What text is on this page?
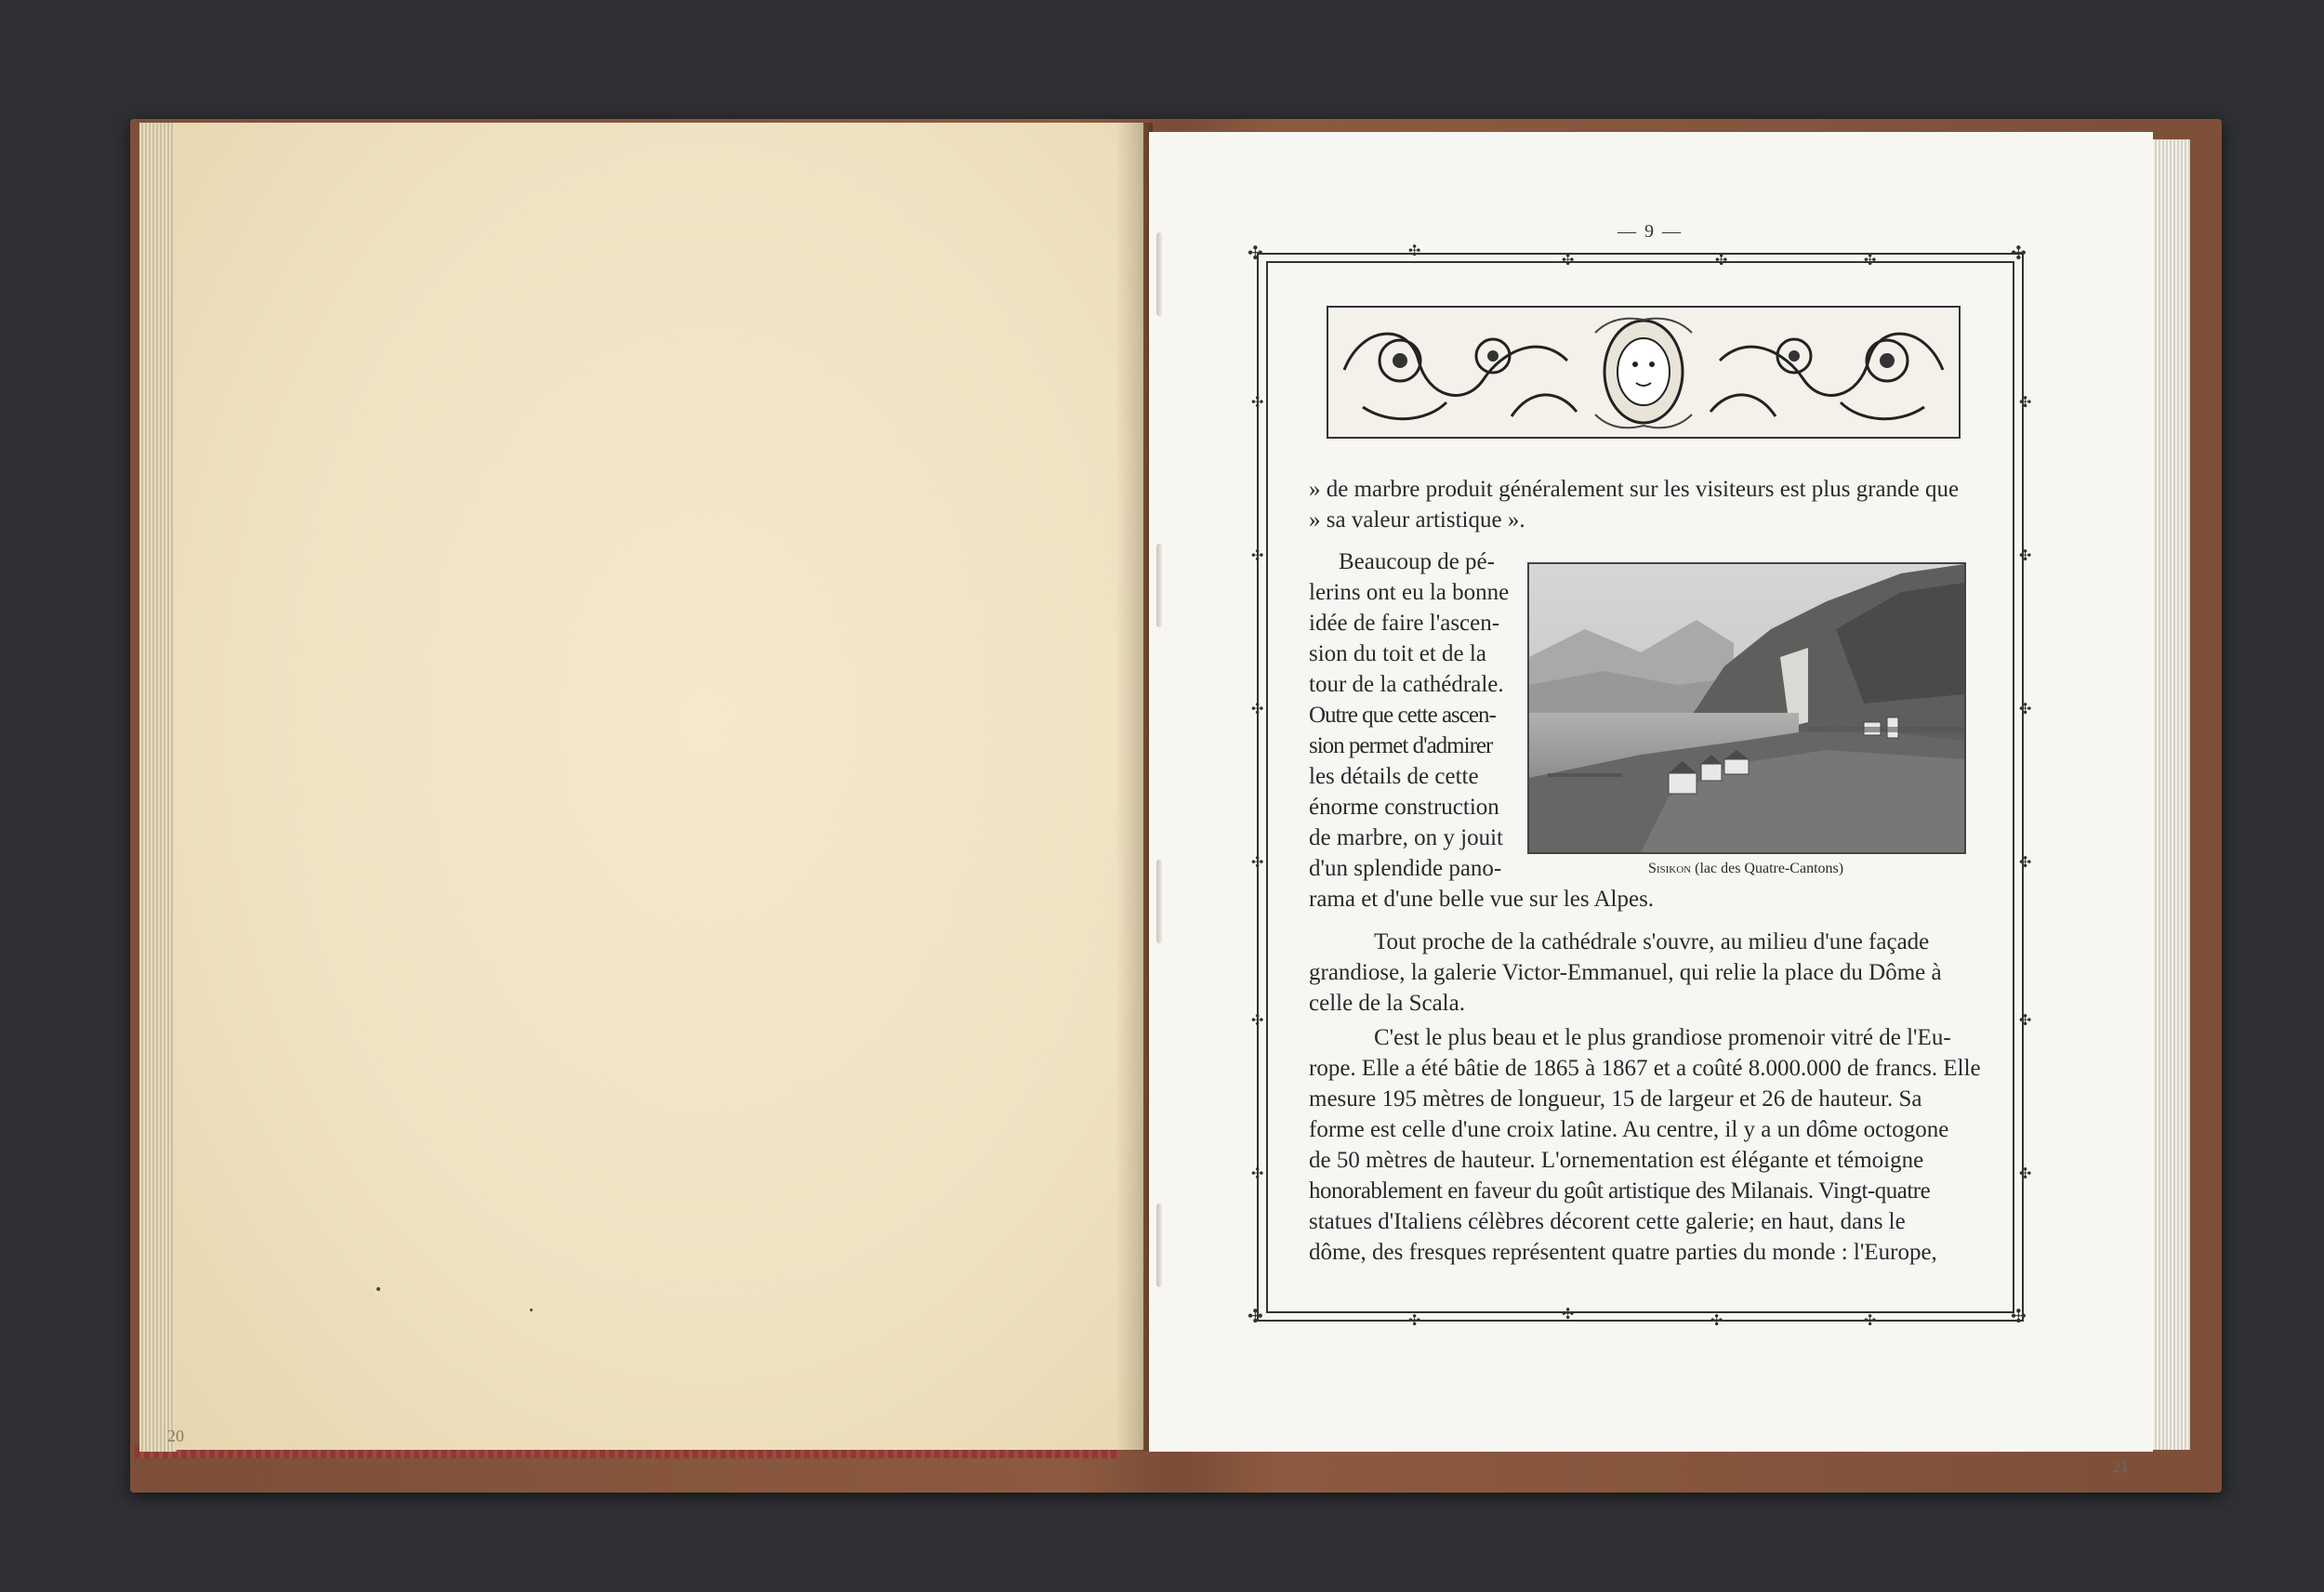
20
21
— 9 —
✣	✣
✣	✣
✣
✣	✣	✣
✣	✣	✣	✣
✣
✣
✣
✣
✣
✣
✣
✣
✣
✣
✣
✣
» de marbre produit généralement sur les visiteurs est plus grande que
» sa valeur artistique ».
Beaucoup de pé-
lerins ont eu la bonne
idée de faire l'ascen-
sion du toit et de la
tour de la cathédrale.
Outre que cette ascen-
sion permet d'admirer
les détails de cette
énorme construction
de marbre, on y jouit
d'un splendide pano-
rama et d'une belle vue sur les Alpes.
Sisikon (lac des Quatre-Cantons)
Tout proche de la cathédrale s'ouvre, au milieu d'une façade
grandiose, la galerie Victor-Emmanuel, qui relie la place du Dôme à
celle de la Scala.
C'est le plus beau et le plus grandiose promenoir vitré de l'Eu-
rope. Elle a été bâtie de 1865 à 1867 et a coûté 8.000.000 de francs. Elle
mesure 195 mètres de longueur, 15 de largeur et 26 de hauteur. Sa
forme est celle d'une croix latine. Au centre, il y a un dôme octogone
de 50 mètres de hauteur. L'ornementation est élégante et témoigne
honorablement en faveur du goût artistique des Milanais. Vingt-quatre
statues d'Italiens célèbres décorent cette galerie; en haut, dans le
dôme, des fresques représentent quatre parties du monde : l'Europe,
